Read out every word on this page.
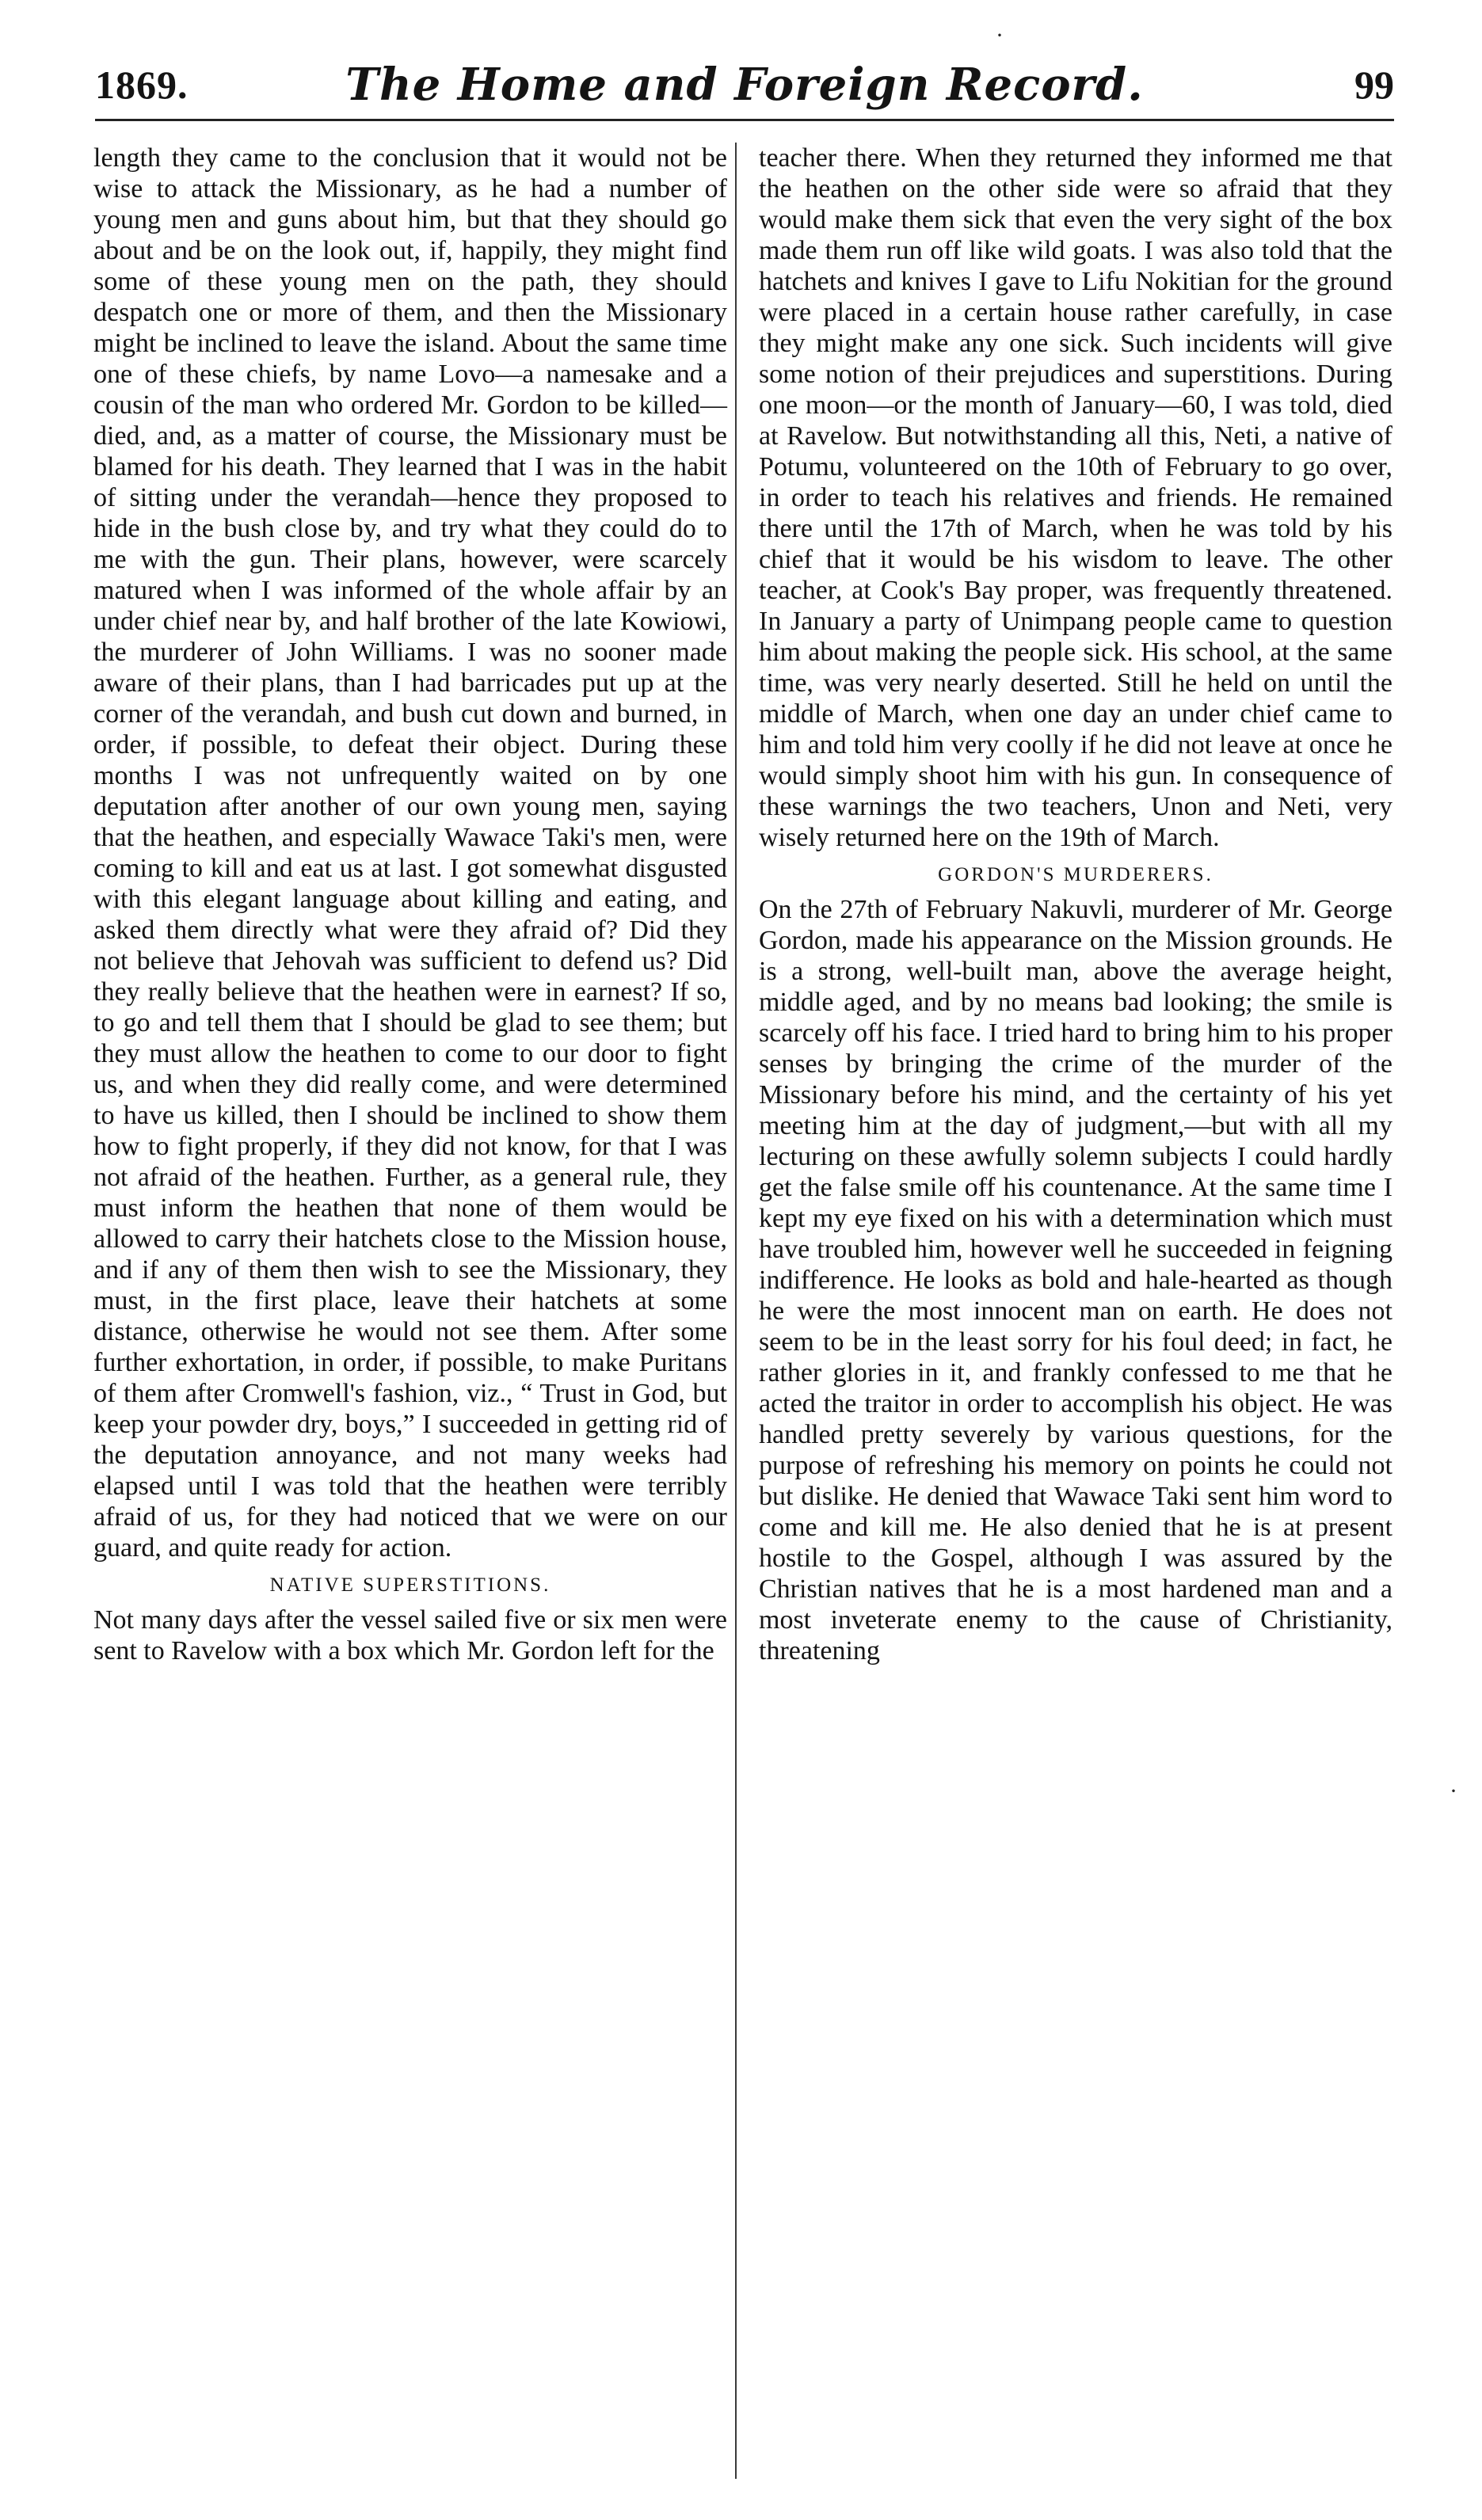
·
·
1869.	The Home and Foreign Record.	99

length they came to the conclusion that it would not be wise to attack the Missionary, as he had a number of young men and guns about him, but that they should go about and be on the look out, if, happily, they might find some of these young men on the path, they should despatch one or more of them, and then the Missionary might be inclined to leave the island. About the same time one of these chiefs, by name Lovo—a namesake and a cousin of the man who ordered Mr. Gordon to be killed—died, and, as a matter of course, the Missionary must be blamed for his death. They learned that I was in the habit of sitting under the verandah—hence they proposed to hide in the bush close by, and try what they could do to me with the gun. Their plans, however, were scarcely matured when I was informed of the whole affair by an under chief near by, and half brother of the late Kowiowi, the murderer of John Williams. I was no sooner made aware of their plans, than I had barricades put up at the corner of the verandah, and bush cut down and burned, in order, if possible, to defeat their object. During these months I was not unfrequently waited on by one deputation after another of our own young men, saying that the heathen, and especially Wawace Taki's men, were coming to kill and eat us at last. I got somewhat disgusted with this elegant language about killing and eating, and asked them directly what were they afraid of? Did they not believe that Jehovah was sufficient to defend us? Did they really believe that the heathen were in earnest? If so, to go and tell them that I should be glad to see them; but they must allow the heathen to come to our door to fight us, and when they did really come, and were determined to have us killed, then I should be inclined to show them how to fight properly, if they did not know, for that I was not afraid of the heathen. Further, as a general rule, they must inform the heathen that none of them would be allowed to carry their hatchets close to the Mission house, and if any of them then wish to see the Missionary, they must, in the first place, leave their hatchets at some distance, otherwise he would not see them. After some further exhortation, in order, if possible, to make Puritans of them after Cromwell's fashion, viz., “ Trust in God, but keep your powder dry, boys,” I succeeded in getting rid of the deputation annoyance, and not many weeks had elapsed until I was told that the heathen were terribly afraid of us, for they had noticed that we were on our guard, and quite ready for action.

NATIVE SUPERSTITIONS.

Not many days after the vessel sailed five or six men were sent to Ravelow with a box which Mr. Gordon left for the

teacher there. When they returned they informed me that the heathen on the other side were so afraid that they would make them sick that even the very sight of the box made them run off like wild goats. I was also told that the hatchets and knives I gave to Lifu Nokitian for the ground were placed in a certain house rather carefully, in case they might make any one sick. Such incidents will give some notion of their prejudices and superstitions. During one moon—or the month of January—60, I was told, died at Ravelow. But notwithstanding all this, Neti, a native of Potumu, volunteered on the 10th of February to go over, in order to teach his relatives and friends. He remained there until the 17th of March, when he was told by his chief that it would be his wisdom to leave. The other teacher, at Cook's Bay proper, was frequently threatened. In January a party of Unimpang people came to question him about making the people sick. His school, at the same time, was very nearly deserted. Still he held on until the middle of March, when one day an under chief came to him and told him very coolly if he did not leave at once he would simply shoot him with his gun. In consequence of these warnings the two teachers, Unon and Neti, very wisely returned here on the 19th of March.

GORDON'S MURDERERS.

On the 27th of February Nakuvli, murderer of Mr. George Gordon, made his appearance on the Mission grounds. He is a strong, well-built man, above the average height, middle aged, and by no means bad looking; the smile is scarcely off his face. I tried hard to bring him to his proper senses by bringing the crime of the murder of the Missionary before his mind, and the certainty of his yet meeting him at the day of judgment,—but with all my lecturing on these awfully solemn subjects I could hardly get the false smile off his countenance. At the same time I kept my eye fixed on his with a determination which must have troubled him, however well he succeeded in feigning indifference. He looks as bold and hale-hearted as though he were the most innocent man on earth. He does not seem to be in the least sorry for his foul deed; in fact, he rather glories in it, and frankly confessed to me that he acted the traitor in order to accomplish his object. He was handled pretty severely by various questions, for the purpose of refreshing his memory on points he could not but dislike. He denied that Wawace Taki sent him word to come and kill me. He also denied that he is at present hostile to the Gospel, although I was assured by the Christian natives that he is a most hardened man and a most inveterate enemy to the cause of Christianity, threatening
